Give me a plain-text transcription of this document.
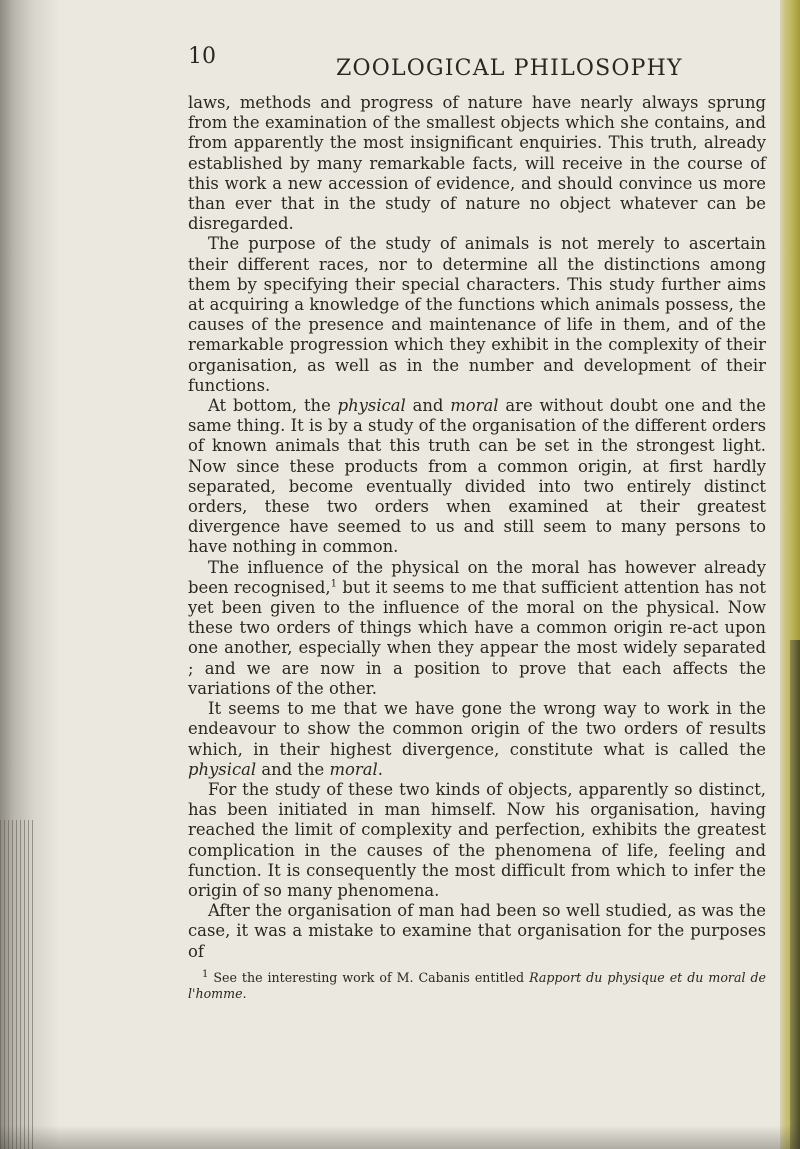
10	ZOOLOGICAL PHILOSOPHY

laws, methods and progress of nature have nearly always sprung from the examination of the smallest objects which she contains, and from apparently the most insignificant enquiries. This truth, already established by many remarkable facts, will receive in the course of this work a new accession of evidence, and should convince us more than ever that in the study of nature no object whatever can be disregarded.

The purpose of the study of animals is not merely to ascertain their different races, nor to determine all the distinctions among them by specifying their special characters. This study further aims at acquiring a knowledge of the functions which animals possess, the causes of the presence and maintenance of life in them, and of the remarkable progression which they exhibit in the complexity of their organisation, as well as in the number and development of their functions.

At bottom, the physical and moral are without doubt one and the same thing. It is by a study of the organisation of the different orders of known animals that this truth can be set in the strongest light. Now since these products from a common origin, at first hardly separated, become eventually divided into two entirely distinct orders, these two orders when examined at their greatest divergence have seemed to us and still seem to many persons to have nothing in common.

The influence of the physical on the moral has however already been recognised,$^1$ but it seems to me that sufficient attention has not yet been given to the influence of the moral on the physical. Now these two orders of things which have a common origin re-act upon one another, especially when they appear the most widely separated ; and we are now in a position to prove that each affects the variations of the other.

It seems to me that we have gone the wrong way to work in the endeavour to show the common origin of the two orders of results which, in their highest divergence, constitute what is called the physical and the moral.

For the study of these two kinds of objects, apparently so distinct, has been initiated in man himself. Now his organisation, having reached the limit of complexity and perfection, exhibits the greatest complication in the causes of the phenomena of life, feeling and function. It is consequently the most difficult from which to infer the origin of so many phenomena.

After the organisation of man had been so well studied, as was the case, it was a mistake to examine that organisation for the purposes of

$^1$ See the interesting work of M. Cabanis entitled Rapport du physique et du moral de l'homme.
